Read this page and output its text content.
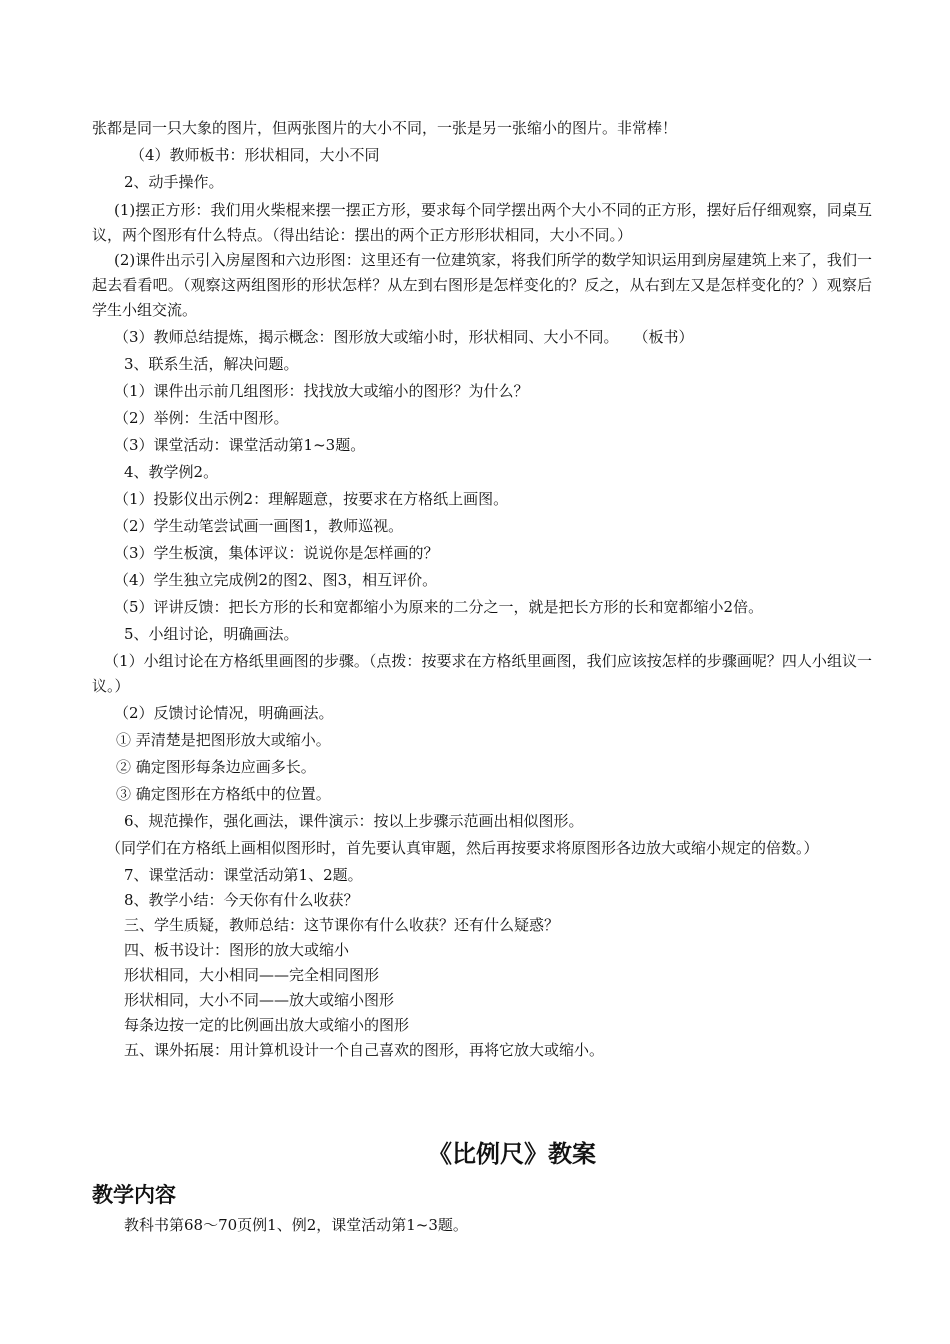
张都是同一只大象的图片，但两张图片的大小不同，一张是另一张缩小的图片。非常棒！

（4）教师板书：形状相同，大小不同

2、动手操作。

(1)摆正方形：我们用火柴棍来摆一摆正方形，要求每个同学摆出两个大小不同的正方形，摆好后仔细观察，同桌互议，两个图形有什么特点。（得出结论：摆出的两个正方形形状相同，大小不同。）

(2)课件出示引入房屋图和六边形图：这里还有一位建筑家，将我们所学的数学知识运用到房屋建筑上来了，我们一起去看看吧。（观察这两组图形的形状怎样？从左到右图形是怎样变化的？反之，从右到左又是怎样变化的？）观察后学生小组交流。

（3）教师总结提炼，揭示概念：图形放大或缩小时，形状相同、大小不同。　　（板书）

3、联系生活，解决问题。

（1）课件出示前几组图形：找找放大或缩小的图形？为什么？

（2）举例：生活中图形。

（3）课堂活动：课堂活动第1~3题。

4、教学例2。

（1）投影仪出示例2：理解题意，按要求在方格纸上画图。

（2）学生动笔尝试画一画图1，教师巡视。

（3）学生板演，集体评议：说说你是怎样画的？

（4）学生独立完成例2的图2、图3，相互评价。

（5）评讲反馈：把长方形的长和宽都缩小为原来的二分之一，就是把长方形的长和宽都缩小2倍。

5、小组讨论，明确画法。

（1）小组讨论在方格纸里画图的步骤。（点拨：按要求在方格纸里画图，我们应该按怎样的步骤画呢？四人小组议一议。）

（2）反馈讨论情况，明确画法。

① 弄清楚是把图形放大或缩小。

② 确定图形每条边应画多长。

③ 确定图形在方格纸中的位置。

6、规范操作，强化画法，课件演示：按以上步骤示范画出相似图形。

（同学们在方格纸上画相似图形时，首先要认真审题，然后再按要求将原图形各边放大或缩小规定的倍数。）

7、课堂活动：课堂活动第1、2题。

8、教学小结：今天你有什么收获？

三、学生质疑，教师总结：这节课你有什么收获？还有什么疑惑？

四、板书设计：图形的放大或缩小

形状相同，大小相同——完全相同图形

形状相同，大小不同——放大或缩小图形

每条边按一定的比例画出放大或缩小的图形

五、课外拓展：用计算机设计一个自己喜欢的图形，再将它放大或缩小。

《比例尺》教案
教学内容
教科书第68～70页例1、例2，课堂活动第1~3题。
